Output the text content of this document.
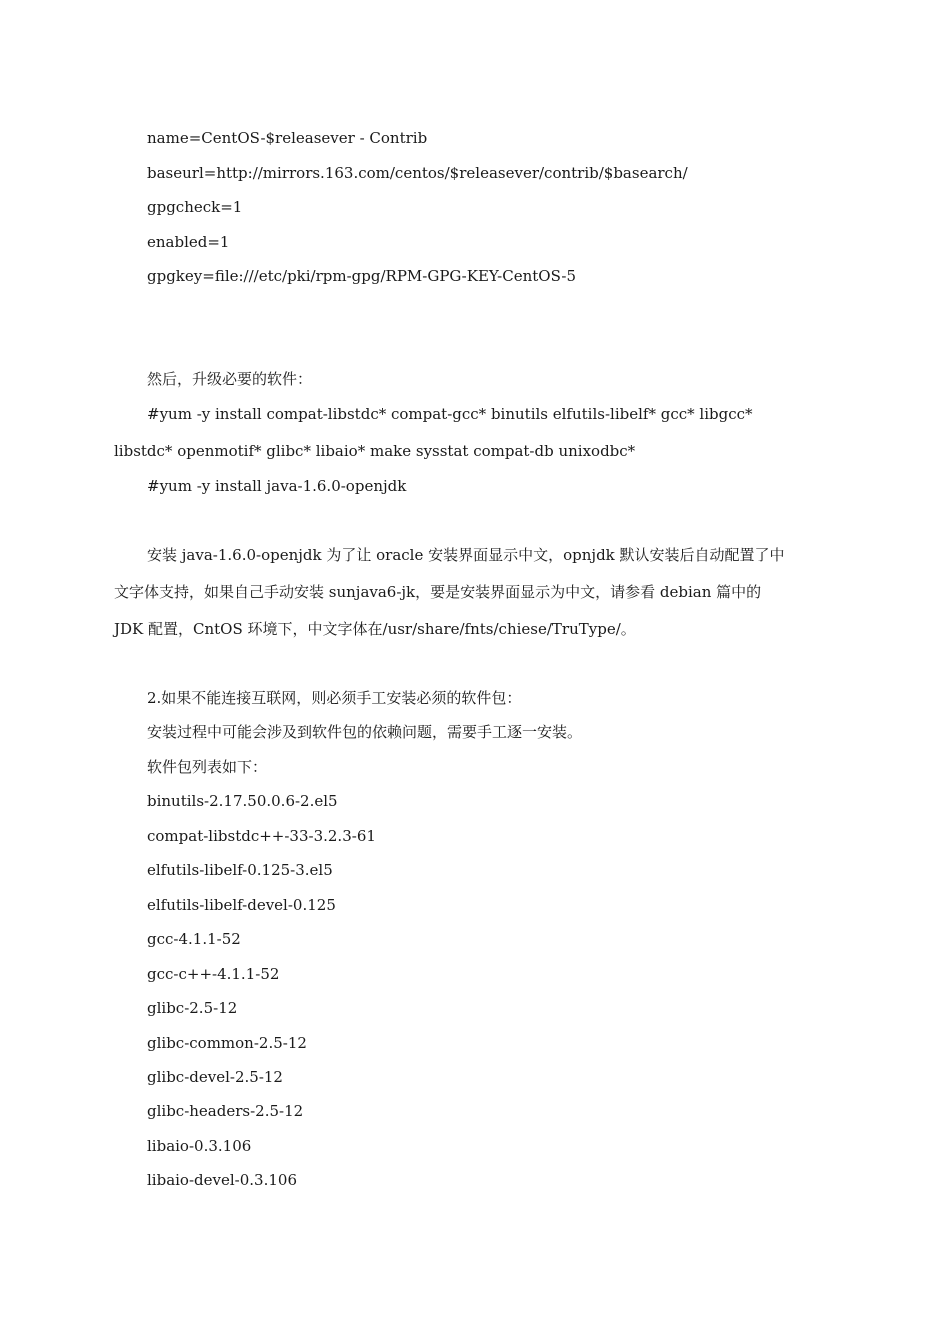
name=CentOS-$releasever - Contrib
baseurl=http://mirrors.163.com/centos/$releasever/contrib/$basearch/
gpgcheck=1
enabled=1
gpgkey=file:///etc/pki/rpm-gpg/RPM-GPG-KEY-CentOS-5
然后，升级必要的软件：
#yum -y install compat-libstdc* compat-gcc* binutils elfutils-libelf* gcc* libgcc*
libstdc* openmotif* glibc* libaio* make sysstat compat-db unixodbc*
#yum -y install java-1.6.0-openjdk
安装 java-1.6.0-openjdk 为了让 oracle 安装界面显示中文，opnjdk 默认安装后自动配置了中
文字体支持，如果自己手动安装 sunjava6-jk，要是安装界面显示为中文，请参看 debian 篇中的
JDK 配置，CntOS 环境下，中文字体在/usr/share/fnts/chiese/TruType/。
2.如果不能连接互联网，则必须手工安装必须的软件包：
安装过程中可能会涉及到软件包的依赖问题，需要手工逐一安装。
软件包列表如下：
binutils-2.17.50.0.6-2.el5
compat-libstdc++-33-3.2.3-61
elfutils-libelf-0.125-3.el5
elfutils-libelf-devel-0.125
gcc-4.1.1-52
gcc-c++-4.1.1-52
glibc-2.5-12
glibc-common-2.5-12
glibc-devel-2.5-12
glibc-headers-2.5-12
libaio-0.3.106
libaio-devel-0.3.106
